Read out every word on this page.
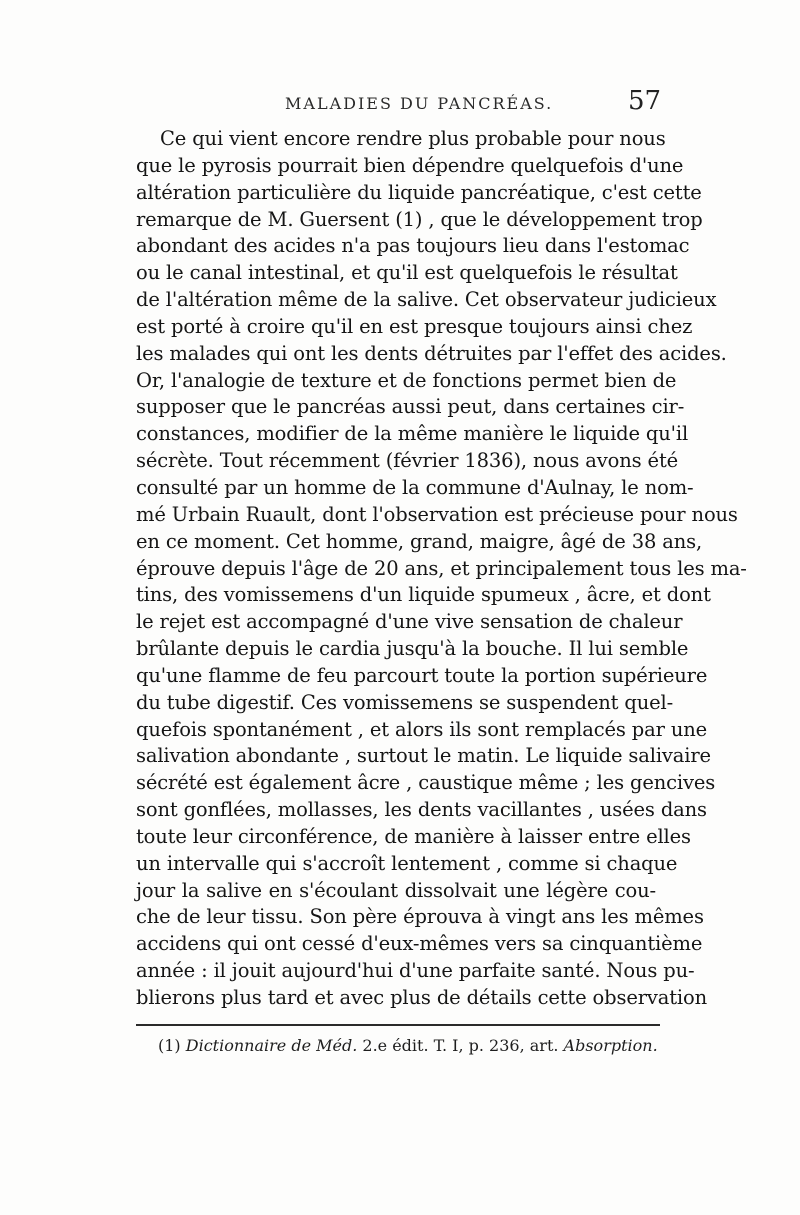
MALADIES DU PANCRÉAS.	57
Ce qui vient encore rendre plus probable pour nous
que le pyrosis pourrait bien dépendre quelquefois d'une
altération particulière du liquide pancréatique, c'est cette
remarque de M. Guersent (1) , que le développement trop
abondant des acides n'a pas toujours lieu dans l'estomac
ou le canal intestinal, et qu'il est quelquefois le résultat
de l'altération même de la salive. Cet observateur judicieux
est porté à croire qu'il en est presque toujours ainsi chez
les malades qui ont les dents détruites par l'effet des acides.
Or, l'analogie de texture et de fonctions permet bien de
supposer que le pancréas aussi peut, dans certaines cir-
constances, modifier de la même manière le liquide qu'il
sécrète. Tout récemment (février 1836), nous avons été
consulté par un homme de la commune d'Aulnay, le nom-
mé Urbain Ruault, dont l'observation est précieuse pour nous
en ce moment. Cet homme, grand, maigre, âgé de 38 ans,
éprouve depuis l'âge de 20 ans, et principalement tous les ma-
tins, des vomissemens d'un liquide spumeux , âcre, et dont
le rejet est accompagné d'une vive sensation de chaleur
brûlante depuis le cardia jusqu'à la bouche. Il lui semble
qu'une flamme de feu parcourt toute la portion supérieure
du tube digestif. Ces vomissemens se suspendent quel-
quefois spontanément , et alors ils sont remplacés par une
salivation abondante , surtout le matin. Le liquide salivaire
sécrété est également âcre , caustique même ; les gencives
sont gonflées, mollasses, les dents vacillantes , usées dans
toute leur circonférence, de manière à laisser entre elles
un intervalle qui s'accroît lentement , comme si chaque
jour la salive en s'écoulant dissolvait une légère cou-
che de leur tissu. Son père éprouva à vingt ans les mêmes
accidens qui ont cessé d'eux-mêmes vers sa cinquantième
année : il jouit aujourd'hui d'une parfaite santé. Nous pu-
blierons plus tard et avec plus de détails cette observation
(1) Dictionnaire de Méd. 2.e édit. T. I, p. 236, art. Absorption.
